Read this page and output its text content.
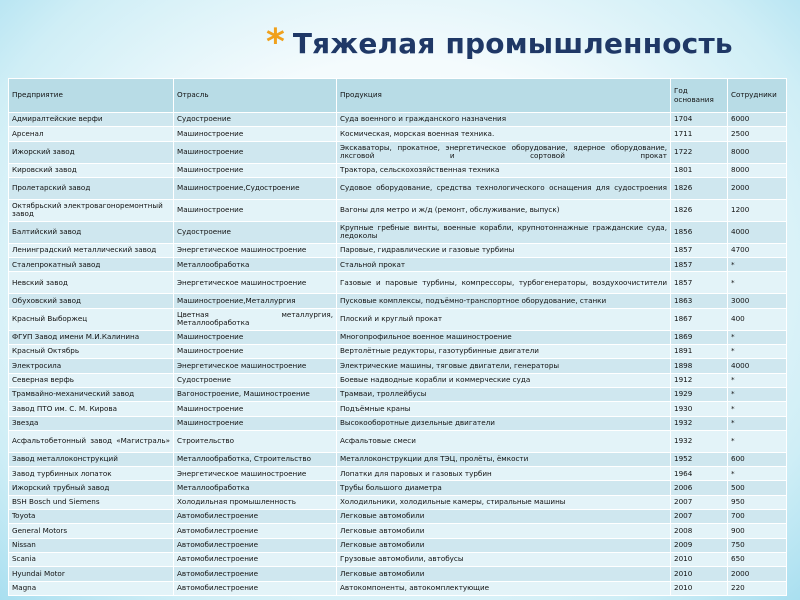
* Тяжелая промышленность
Предприятие	Отрасль	Продукция	Год основания	Сотрудники
Адмиралтейские верфи	Судостроение	Суда военного и гражданского назначения	1704	6000
Арсенал	Машиностроение	Космическая, морская военная техника.	1711	2500
Ижорский завод	Машиностроение	Экскаваторы, прокатное, энергетическое оборудование, ядерное оборудование, лксговой и сортовой прокат	1722	8000
Кировский завод	Машиностроение	Трактора, сельскохозяйственная техника	1801	8000
Пролетарский завод	Машиностроение,Судостроение	Судовое оборудование, средства технологического оснащения для судостроения	1826	2000
Октябрьский электровагоноремонтный завод	Машиностроение	Вагоны для метро и ж/д (ремонт, обслуживание, выпуск)	1826	1200
Балтийский завод	Судостроение	Крупные гребные винты, военные корабли, крупнотоннажные гражданские суда, ледоколы	1856	4000
Ленинградский металлический завод	Энергетическое машиностроение	Паровые, гидравлические и газовые турбины	1857	4700
Сталепрокатный завод	Металлообработка	Стальной прокат	1857	*
Невский завод	Энергетическое машиностроение	Газовые и паровые турбины, компрессоры, турбогенераторы, воздухоочистители	1857	*
Обуховский завод	Машиностроение,Металлургия	Пусковые комплексы, подъёмно-транспортное оборудование, станки	1863	3000
Красный Выборжец	Цветная металлургия, Металлообработка	Плоский и круглый прокат	1867	400
ФГУП Завод имени М.И.Калинина	Машиностроение	Многопрофильное военное машиностроение	1869	*
Красный Октябрь	Машиностроение	Вертолётные редукторы, газотурбинные двигатели	1891	*
Электросила	Энергетическое машиностроение	Электрические машины, тяговые двигатели, генераторы	1898	4000
Северная верфь	Судостроение	Боевые надводные корабли и коммерческие суда	1912	*
Трамвайно-механический завод	Вагоностроение, Машиностроение	Трамваи, троллейбусы	1929	*
Завод ПТО им. С. М. Кирова	Машиностроение	Подъёмные краны	1930	*
Звезда	Машиностроение	Высокооборотные дизельные двигатели	1932	*
Асфальтобетонный завод «Магистраль»	Строительство	Асфальтовые смеси	1932	*
Завод металлоконструкций	Металлообработка, Строительство	Металлоконструкции для ТЭЦ, пролёты, ёмкости	1952	600
Завод турбинных лопаток	Энергетическое машиностроение	Лопатки для паровых и газовых турбин	1964	*
Ижорский трубный завод	Металлообработка	Трубы большого диаметра	2006	500
BSH Bosch und Siemens	Холодильная промышленность	Холодильники, холодильные камеры, стиральные машины	2007	950
Toyota	Автомобилестроение	Легковые автомобили	2007	700
General Motors	Автомобилестроение	Легковые автомобили	2008	900
Nissan	Автомобилестроение	Легковые автомобили	2009	750
Scania	Автомобилестроение	Грузовые автомобили, автобусы	2010	650
Hyundai Motor	Автомобилестроение	Легковые автомобили	2010	2000
Magna	Автомобилестроение	Автокомпоненты, автокомплектующие	2010	220
